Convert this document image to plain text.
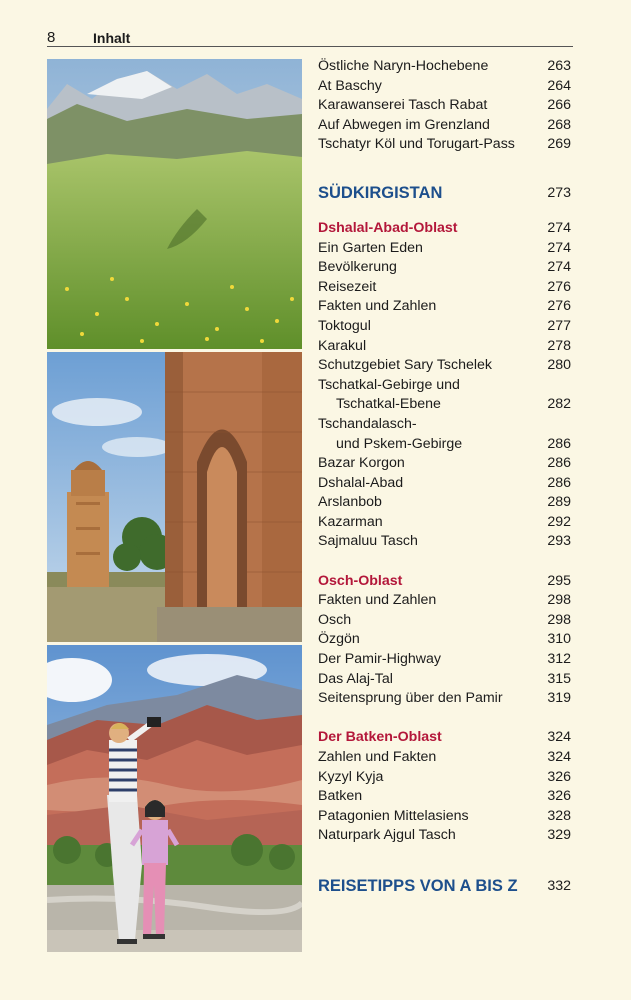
8	Inhalt
Östliche Naryn-Hochebene	263
At Baschy	264
Karawanserei Tasch Rabat	266
Auf Abwegen im Grenzland	268
Tschatyr Köl und Torugart-Pass 269
SÜDKIRGISTAN	273
Dshalal-Abad-Oblast	274
Ein Garten Eden	274
Bevölkerung	274
Reisezeit	276
Fakten und Zahlen	276
Toktogul	277
Karakul	278
Schutzgebiet Sary Tschelek	280
Tschatkal-Gebirge und
Tschatkal-Ebene	282
Tschandalasch-
und Pskem-Gebirge	286
Bazar Korgon	286
Dshalal-Abad	286
Arslanbob	289
Kazarman	292
Sajmaluu Tasch	293
Osch-Oblast	295
Fakten und Zahlen	298
Osch	298
Özgön	310
Der Pamir-Highway	312
Das Alaj-Tal	315
Seitensprung über den Pamir	319
Der Batken-Oblast	324
Zahlen und Fakten	324
Kyzyl Kyja	326
Batken	326
Patagonien Mittelasiens	328
Naturpark Ajgul Tasch	329
REISETIPPS VON A BIS Z 332
